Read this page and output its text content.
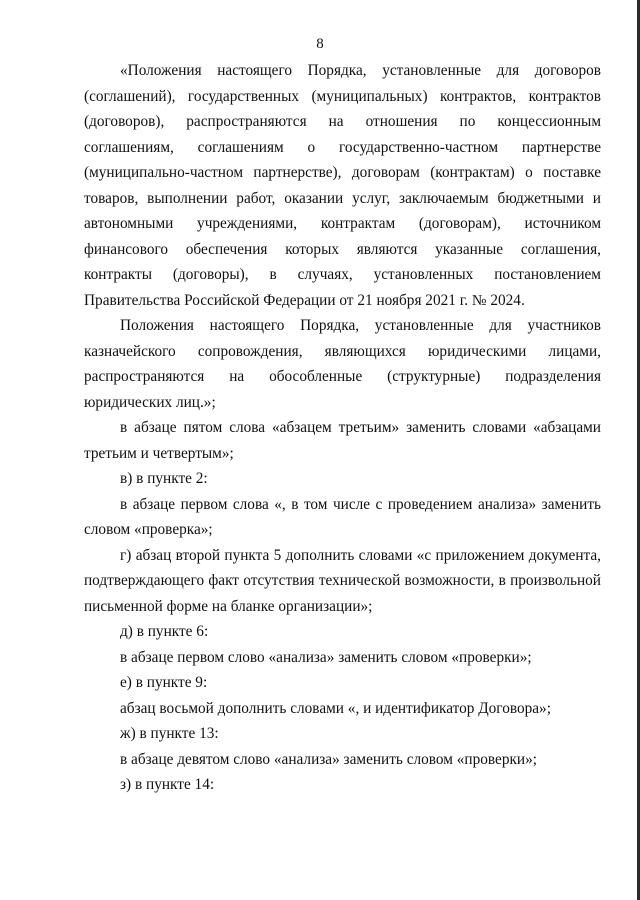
8

«Положения настоящего Порядка, установленные для договоров (соглашений), государственных (муниципальных) контрактов, контрактов (договоров), распространяются на отношения по концессионным соглашениям, соглашениям о государственно-частном партнерстве (муниципально-частном партнерстве), договорам (контрактам) о поставке товаров, выполнении работ, оказании услуг, заключаемым бюджетными и автономными учреждениями, контрактам (договорам), источником финансового обеспечения которых являются указанные соглашения, контракты (договоры), в случаях, установленных постановлением Правительства Российской Федерации от 21 ноября 2021 г. № 2024.

Положения настоящего Порядка, установленные для участников казначейского сопровождения, являющихся юридическими лицами, распространяются на обособленные (структурные) подразделения юридических лиц.»;

в абзаце пятом слова «абзацем третьим» заменить словами «абзацами третьим и четвертым»;

в) в пункте 2:

в абзаце первом слова «, в том числе с проведением анализа» заменить словом «проверка»;

г) абзац второй пункта 5 дополнить словами «с приложением документа, подтверждающего факт отсутствия технической возможности, в произвольной письменной форме на бланке организации»;

д) в пункте 6:

в абзаце первом слово «анализа» заменить словом «проверки»;

е) в пункте 9:

абзац восьмой дополнить словами «, и идентификатор Договора»;

ж) в пункте 13:

в абзаце девятом слово «анализа» заменить словом «проверки»;

з) в пункте 14:
